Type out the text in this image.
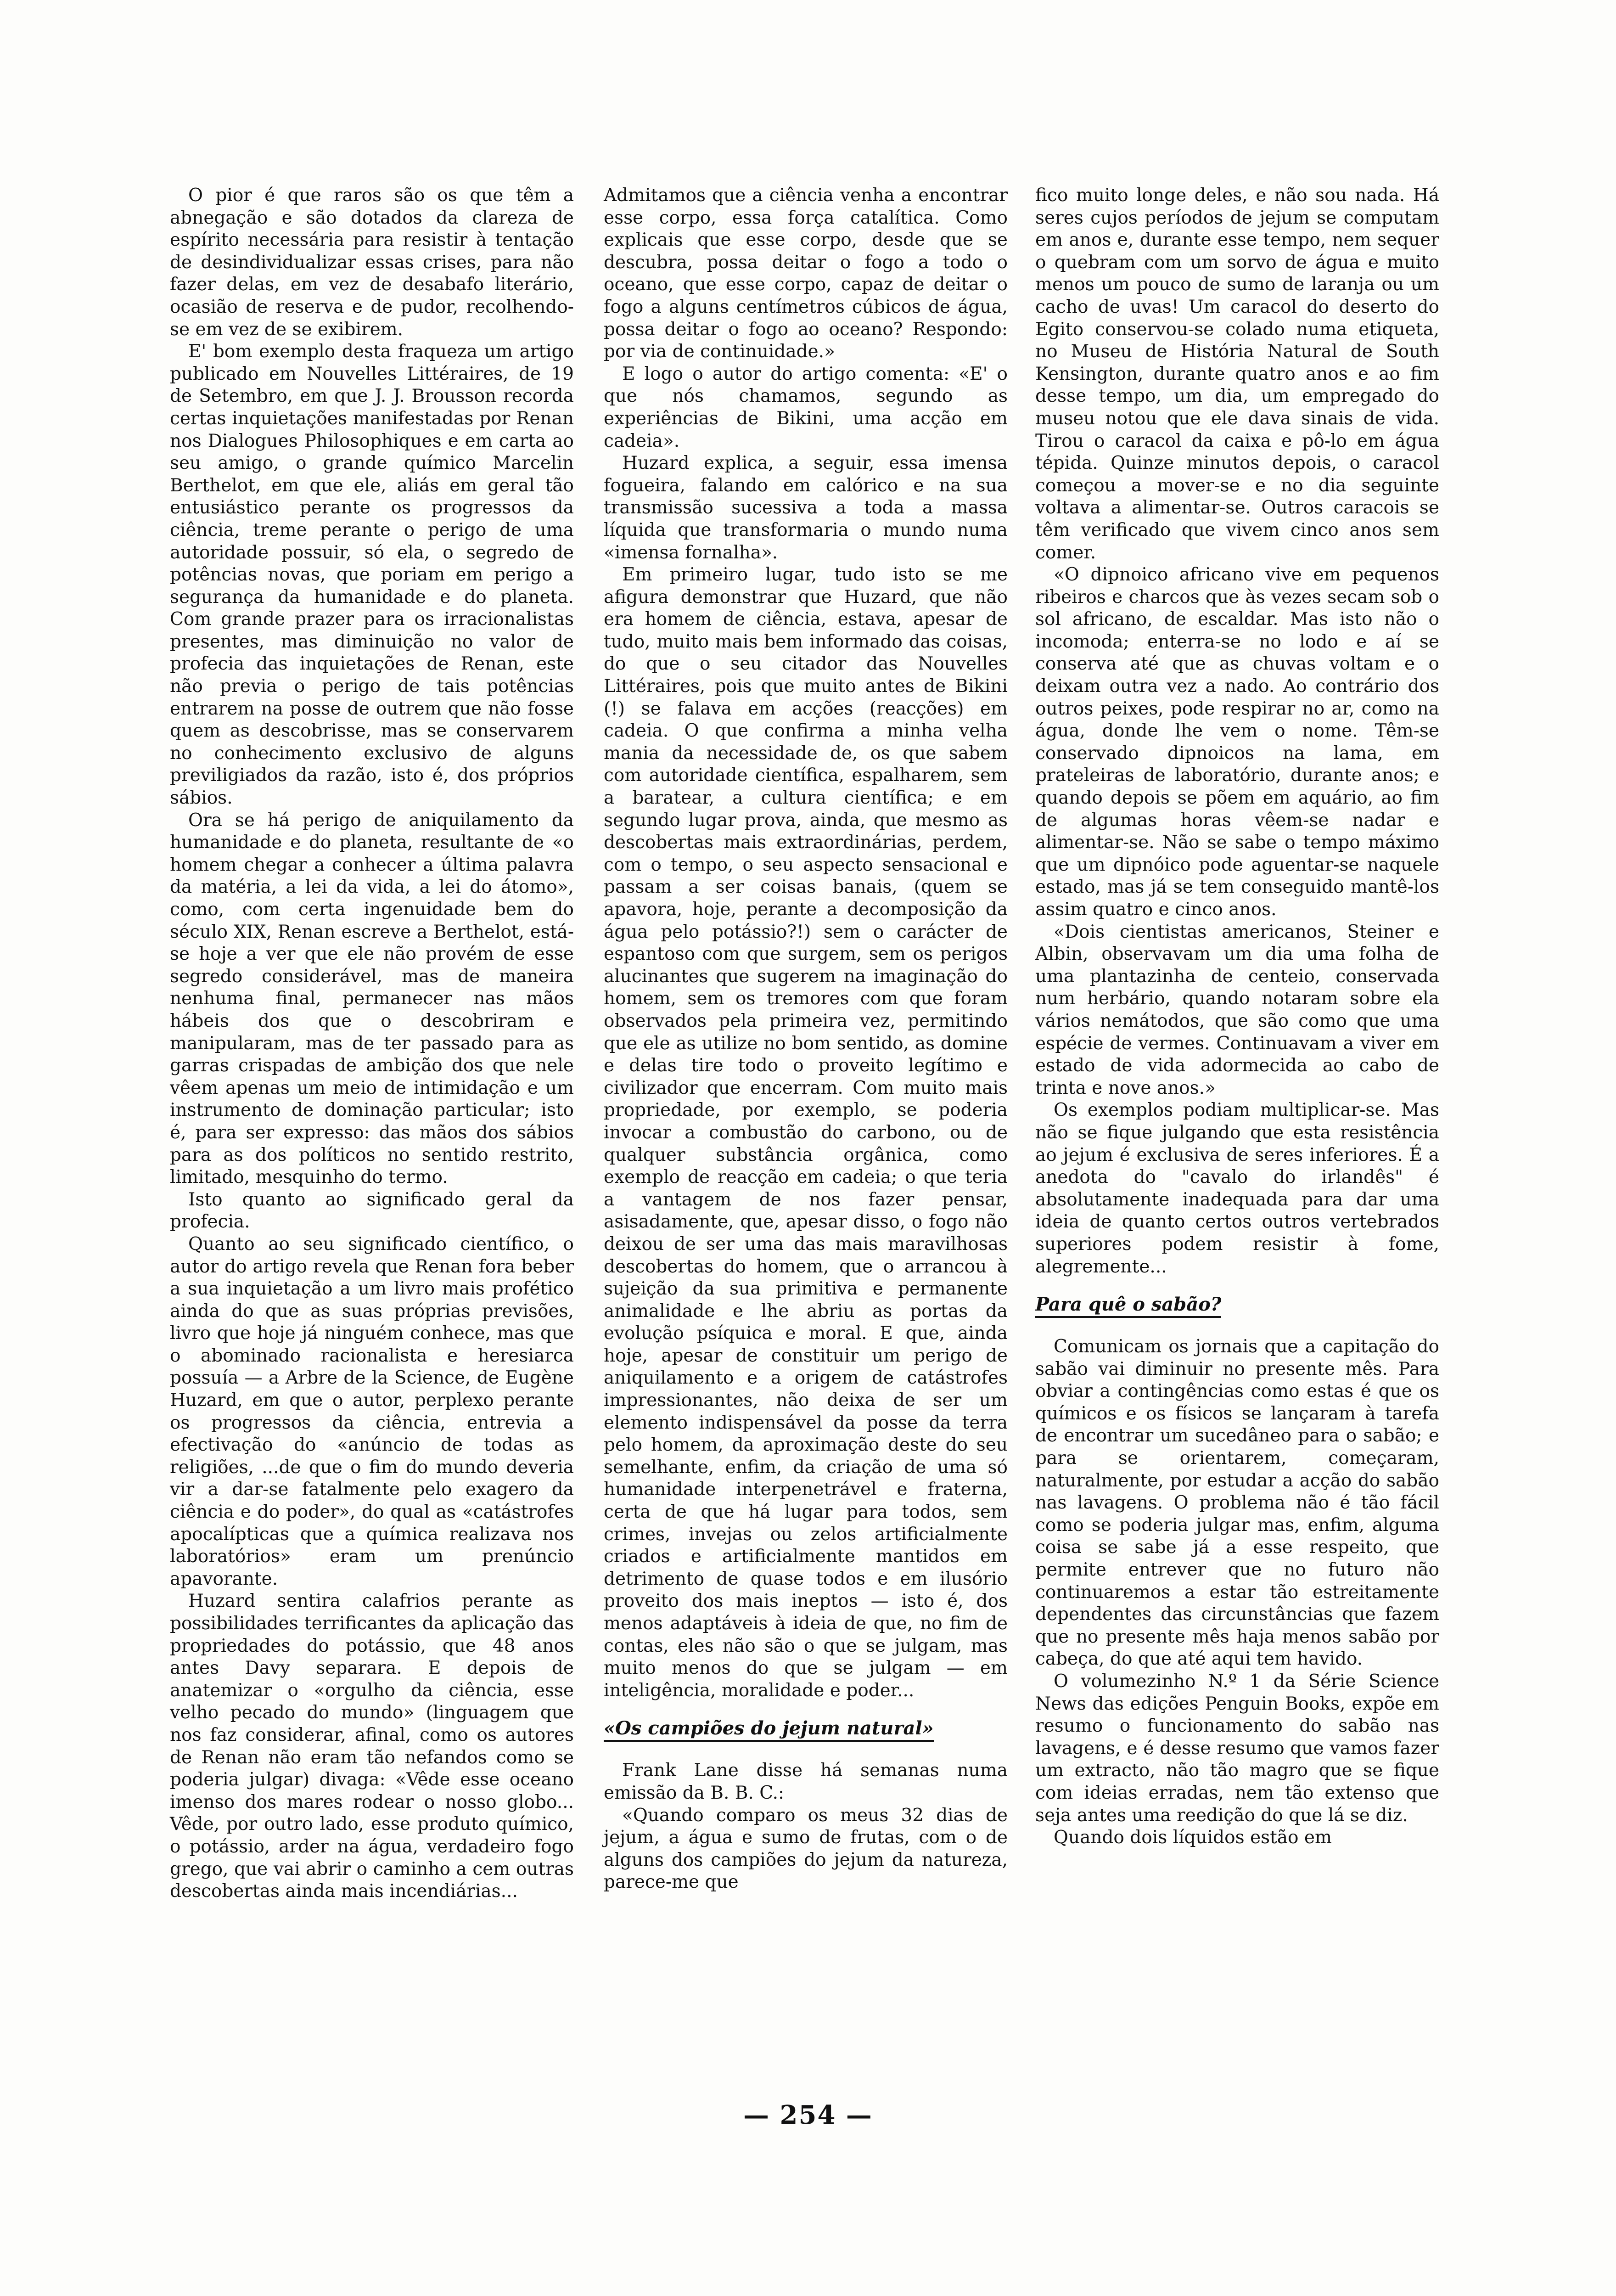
O pior é que raros são os que têm a abnegação e são dotados da clareza de espírito necessária para resistir à tentação de desindividualizar essas crises, para não fazer delas, em vez de desabafo literário, ocasião de reserva e de pudor, recolhendo-se em vez de se exibirem.

E' bom exemplo desta fraqueza um artigo publicado em Nouvelles Littéraires, de 19 de Setembro, em que J. J. Brousson recorda certas inquietações manifestadas por Renan nos Dialogues Philosophiques e em carta ao seu amigo, o grande químico Marcelin Berthelot, em que ele, aliás em geral tão entusiástico perante os progressos da ciência, treme perante o perigo de uma autoridade possuir, só ela, o segredo de potências novas, que poriam em perigo a segurança da humanidade e do planeta. Com grande prazer para os irracionalistas presentes, mas diminuição no valor de profecia das inquietações de Renan, este não previa o perigo de tais potências entrarem na posse de outrem que não fosse quem as descobrisse, mas se conservarem no conhecimento exclusivo de alguns previligiados da razão, isto é, dos próprios sábios.

Ora se há perigo de aniquilamento da humanidade e do planeta, resultante de «o homem chegar a conhecer a última palavra da matéria, a lei da vida, a lei do átomo», como, com certa ingenuidade bem do século XIX, Renan escreve a Berthelot, está-se hoje a ver que ele não provém de esse segredo considerável, mas de maneira nenhuma final, permanecer nas mãos hábeis dos que o descobriram e manipularam, mas de ter passado para as garras crispadas de ambição dos que nele vêem apenas um meio de intimidação e um instrumento de dominação particular; isto é, para ser expresso: das mãos dos sábios para as dos políticos no sentido restrito, limitado, mesquinho do termo.

Isto quanto ao significado geral da profecia.

Quanto ao seu significado científico, o autor do artigo revela que Renan fora beber a sua inquietação a um livro mais profético ainda do que as suas próprias previsões, livro que hoje já ninguém conhece, mas que o abominado racionalista e heresiarca possuía — a Arbre de la Science, de Eugène Huzard, em que o autor, perplexo perante os progressos da ciência, entrevia a efectivação do «anúncio de todas as religiões, ...de que o fim do mundo deveria vir a dar-se fatalmente pelo exagero da ciência e do poder», do qual as «catástrofes apocalípticas que a química realizava nos laboratórios» eram um prenúncio apavorante.

Huzard sentira calafrios perante as possibilidades terrificantes da aplicação das propriedades do potássio, que 48 anos antes Davy separara. E depois de anatemizar o «orgulho da ciência, esse velho pecado do mundo» (linguagem que nos faz considerar, afinal, como os autores de Renan não eram tão nefandos como se poderia julgar) divaga: «Vêde esse oceano imenso dos mares rodear o nosso globo... Vêde, por outro lado, esse produto químico, o potássio, arder na água, verdadeiro fogo grego, que vai abrir o caminho a cem outras descobertas ainda mais incendiárias...

Admitamos que a ciência venha a encontrar esse corpo, essa força catalítica. Como explicais que esse corpo, desde que se descubra, possa deitar o fogo a todo o oceano, que esse corpo, capaz de deitar o fogo a alguns centímetros cúbicos de água, possa deitar o fogo ao oceano? Respondo: por via de continuidade.»

E logo o autor do artigo comenta: «E' o que nós chamamos, segundo as experiências de Bikini, uma acção em cadeia».

Huzard explica, a seguir, essa imensa fogueira, falando em calórico e na sua transmissão sucessiva a toda a massa líquida que transformaria o mundo numa «imensa fornalha».

Em primeiro lugar, tudo isto se me afigura demonstrar que Huzard, que não era homem de ciência, estava, apesar de tudo, muito mais bem informado das coisas, do que o seu citador das Nouvelles Littéraires, pois que muito antes de Bikini (!) se falava em acções (reacções) em cadeia. O que confirma a minha velha mania da necessidade de, os que sabem com autoridade científica, espalharem, sem a baratear, a cultura científica; e em segundo lugar prova, ainda, que mesmo as descobertas mais extraordinárias, perdem, com o tempo, o seu aspecto sensacional e passam a ser coisas banais, (quem se apavora, hoje, perante a decomposição da água pelo potássio?!) sem o carácter de espantoso com que surgem, sem os perigos alucinantes que sugerem na imaginação do homem, sem os tremores com que foram observados pela primeira vez, permitindo que ele as utilize no bom sentido, as domine e delas tire todo o proveito legítimo e civilizador que encerram. Com muito mais propriedade, por exemplo, se poderia invocar a combustão do carbono, ou de qualquer substância orgânica, como exemplo de reacção em cadeia; o que teria a vantagem de nos fazer pensar, asisadamente, que, apesar disso, o fogo não deixou de ser uma das mais maravilhosas descobertas do homem, que o arrancou à sujeição da sua primitiva e permanente animalidade e lhe abriu as portas da evolução psíquica e moral. E que, ainda hoje, apesar de constituir um perigo de aniquilamento e a origem de catástrofes impressionantes, não deixa de ser um elemento indispensável da posse da terra pelo homem, da aproximação deste do seu semelhante, enfim, da criação de uma só humanidade interpenetrável e fraterna, certa de que há lugar para todos, sem crimes, invejas ou zelos artificialmente criados e artificialmente mantidos em detrimento de quase todos e em ilusório proveito dos mais ineptos — isto é, dos menos adaptáveis à ideia de que, no fim de contas, eles não são o que se julgam, mas muito menos do que se julgam — em inteligência, moralidade e poder...

«Os campiões do jejum natural»

Frank Lane disse há semanas numa emissão da B. B. C.:

«Quando comparo os meus 32 dias de jejum, a água e sumo de frutas, com o de alguns dos campiões do jejum da natureza, parece-me que

fico muito longe deles, e não sou nada. Há seres cujos períodos de jejum se computam em anos e, durante esse tempo, nem sequer o quebram com um sorvo de água e muito menos um pouco de sumo de laranja ou um cacho de uvas! Um caracol do deserto do Egito conservou-se colado numa etiqueta, no Museu de História Natural de South Kensington, durante quatro anos e ao fim desse tempo, um dia, um empregado do museu notou que ele dava sinais de vida. Tirou o caracol da caixa e pô-lo em água tépida. Quinze minutos depois, o caracol começou a mover-se e no dia seguinte voltava a alimentar-se. Outros caracois se têm verificado que vivem cinco anos sem comer.

«O dipnoico africano vive em pequenos ribeiros e charcos que às vezes secam sob o sol africano, de escaldar. Mas isto não o incomoda; enterra-se no lodo e aí se conserva até que as chuvas voltam e o deixam outra vez a nado. Ao contrário dos outros peixes, pode respirar no ar, como na água, donde lhe vem o nome. Têm-se conservado dipnoicos na lama, em prateleiras de laboratório, durante anos; e quando depois se põem em aquário, ao fim de algumas horas vêem-se nadar e alimentar-se. Não se sabe o tempo máximo que um dipnóico pode aguentar-se naquele estado, mas já se tem conseguido mantê-los assim quatro e cinco anos.

«Dois cientistas americanos, Steiner e Albin, observavam um dia uma folha de uma plantazinha de centeio, conservada num herbário, quando notaram sobre ela vários nemátodos, que são como que uma espécie de vermes. Continuavam a viver em estado de vida adormecida ao cabo de trinta e nove anos.»

Os exemplos podiam multiplicar-se. Mas não se fique julgando que esta resistência ao jejum é exclusiva de seres inferiores. É a anedota do "cavalo do irlandês" é absolutamente inadequada para dar uma ideia de quanto certos outros vertebrados superiores podem resistir à fome, alegremente...

Para quê o sabão?

Comunicam os jornais que a capitação do sabão vai diminuir no presente mês. Para obviar a contingências como estas é que os químicos e os físicos se lançaram à tarefa de encontrar um sucedâneo para o sabão; e para se orientarem, começaram, naturalmente, por estudar a acção do sabão nas lavagens. O problema não é tão fácil como se poderia julgar mas, enfim, alguma coisa se sabe já a esse respeito, que permite entrever que no futuro não continuaremos a estar tão estreitamente dependentes das circunstâncias que fazem que no presente mês haja menos sabão por cabeça, do que até aqui tem havido.

O volumezinho N.º 1 da Série Science News das edições Penguin Books, expõe em resumo o funcionamento do sabão nas lavagens, e é desse resumo que vamos fazer um extracto, não tão magro que se fique com ideias erradas, nem tão extenso que seja antes uma reedição do que lá se diz.

Quando dois líquidos estão em

— 254 —
